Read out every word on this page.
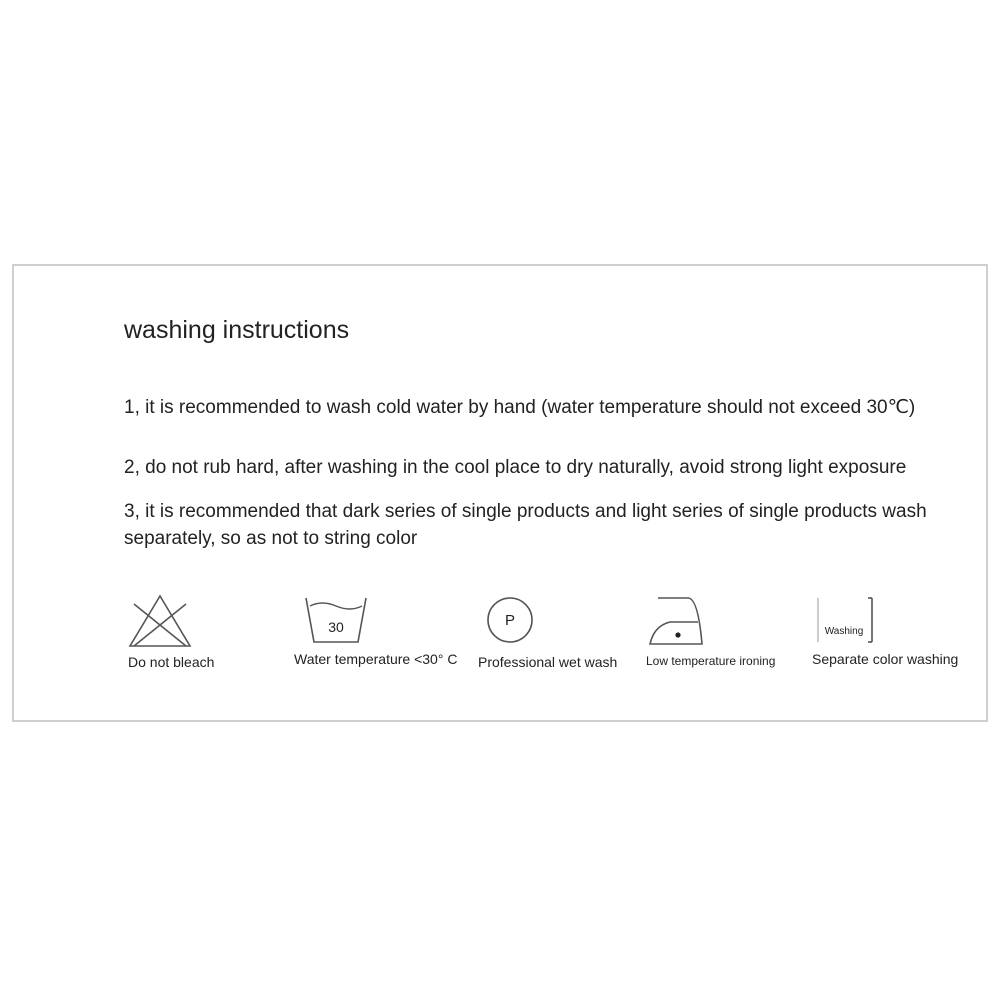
washing instructions
1, it is recommended to wash cold water by hand (water temperature should not exceed 30℃)
2, do not rub hard, after washing in the cool place to dry naturally, avoid strong light exposure
3, it is recommended that dark series of single products and light series of single products wash separately, so as not to string color
Do not bleach
30
Water temperature <30° C
P
Professional wet wash Low temperature ironing
Washing
Separate color washing
